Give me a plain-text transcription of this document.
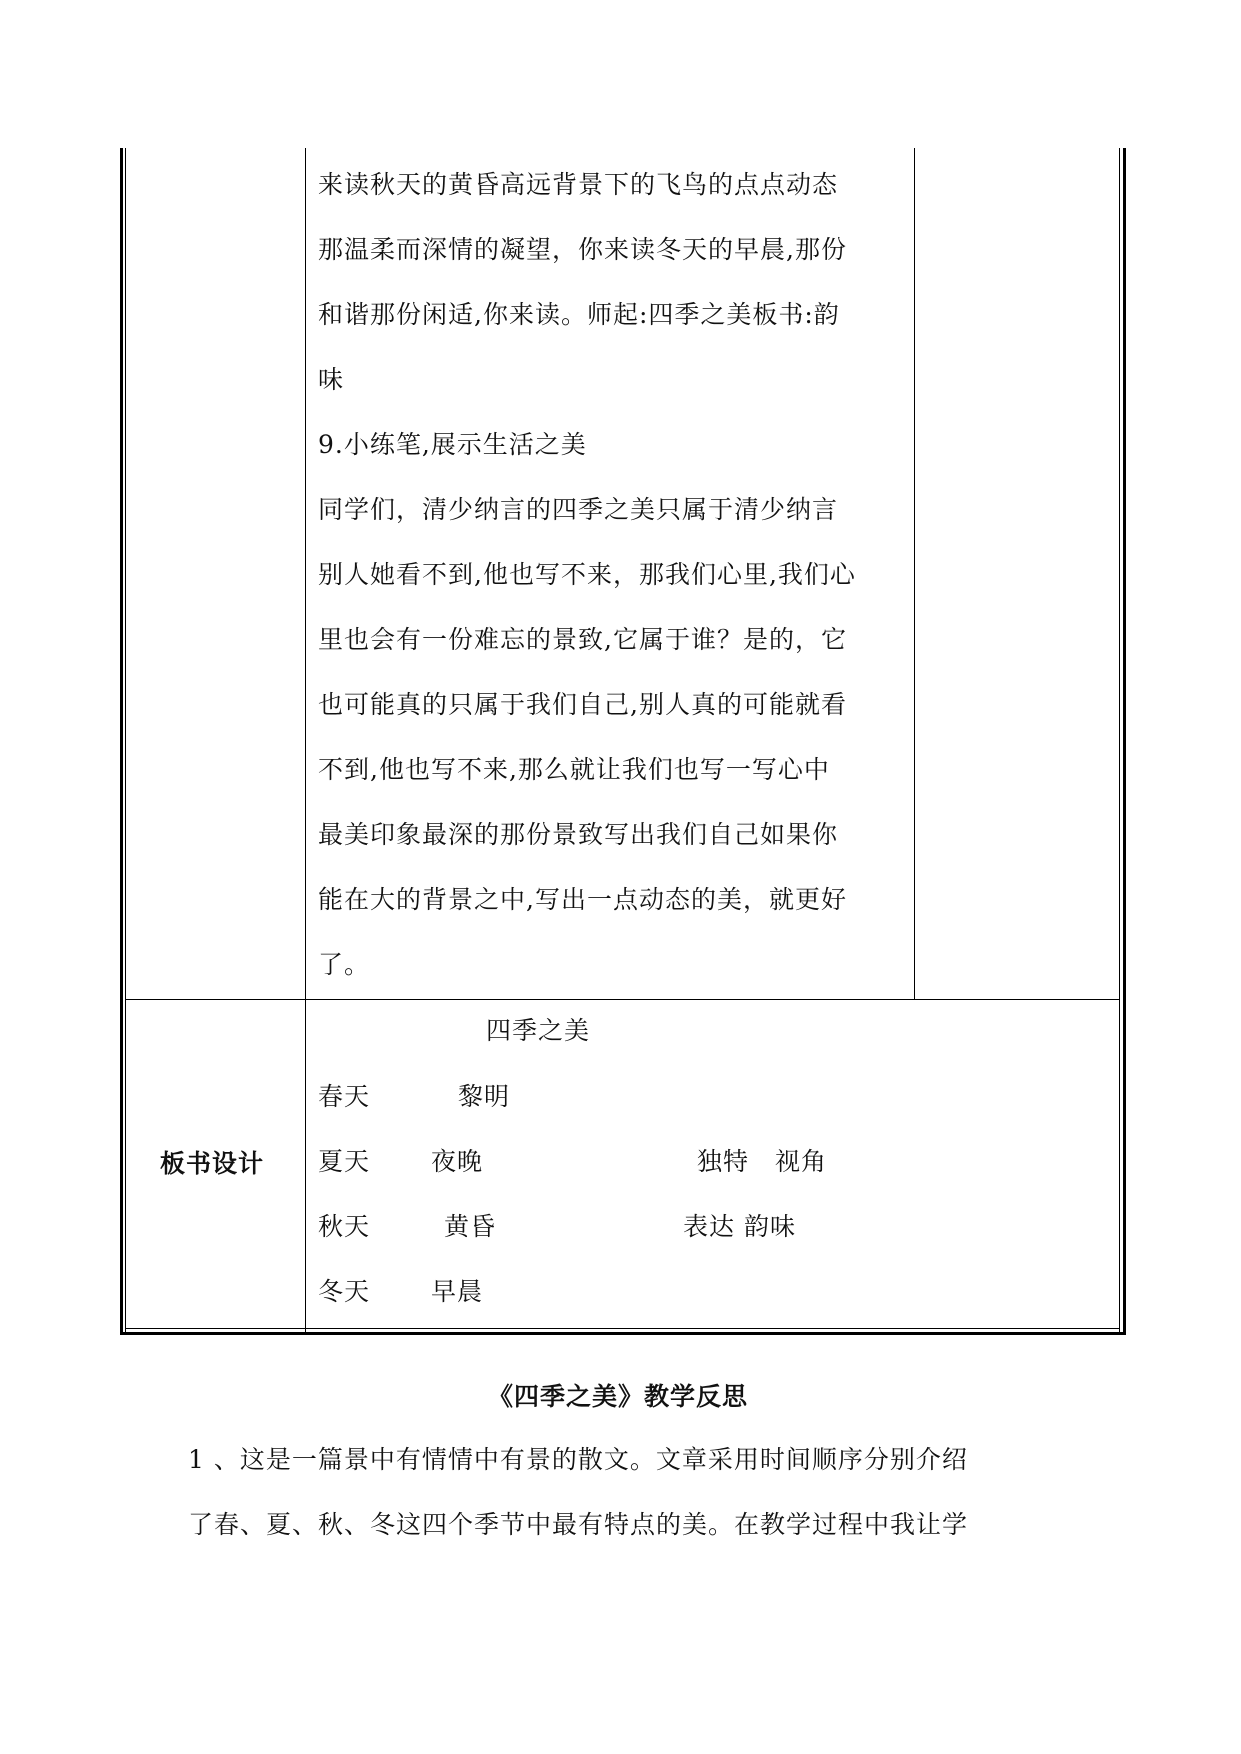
来读秋天的黄昏高远背景下的飞鸟的点点动态
那温柔而深情的凝望，你来读冬天的早晨,那份
和谐那份闲适,你来读。师起:四季之美板书:韵
味
9.小练笔,展示生活之美
同学们，清少纳言的四季之美只属于清少纳言
别人她看不到,他也写不来，那我们心里,我们心
里也会有一份难忘的景致,它属于谁？是的，它
也可能真的只属于我们自己,别人真的可能就看
不到,他也写不来,那么就让我们也写一写心中
最美印象最深的那份景致写出我们自己如果你
能在大的背景之中,写出一点动态的美，就更好
了。
板书设计
四季之美
春天	黎明
夏天 夜晚	独特　视角
秋天	黄昏	表达 韵味
冬天 早晨
《四季之美》教学反思
1 、这是一篇景中有情情中有景的散文。文章采用时间顺序分别介绍
了春、夏、秋、冬这四个季节中最有特点的美。在教学过程中我让学
